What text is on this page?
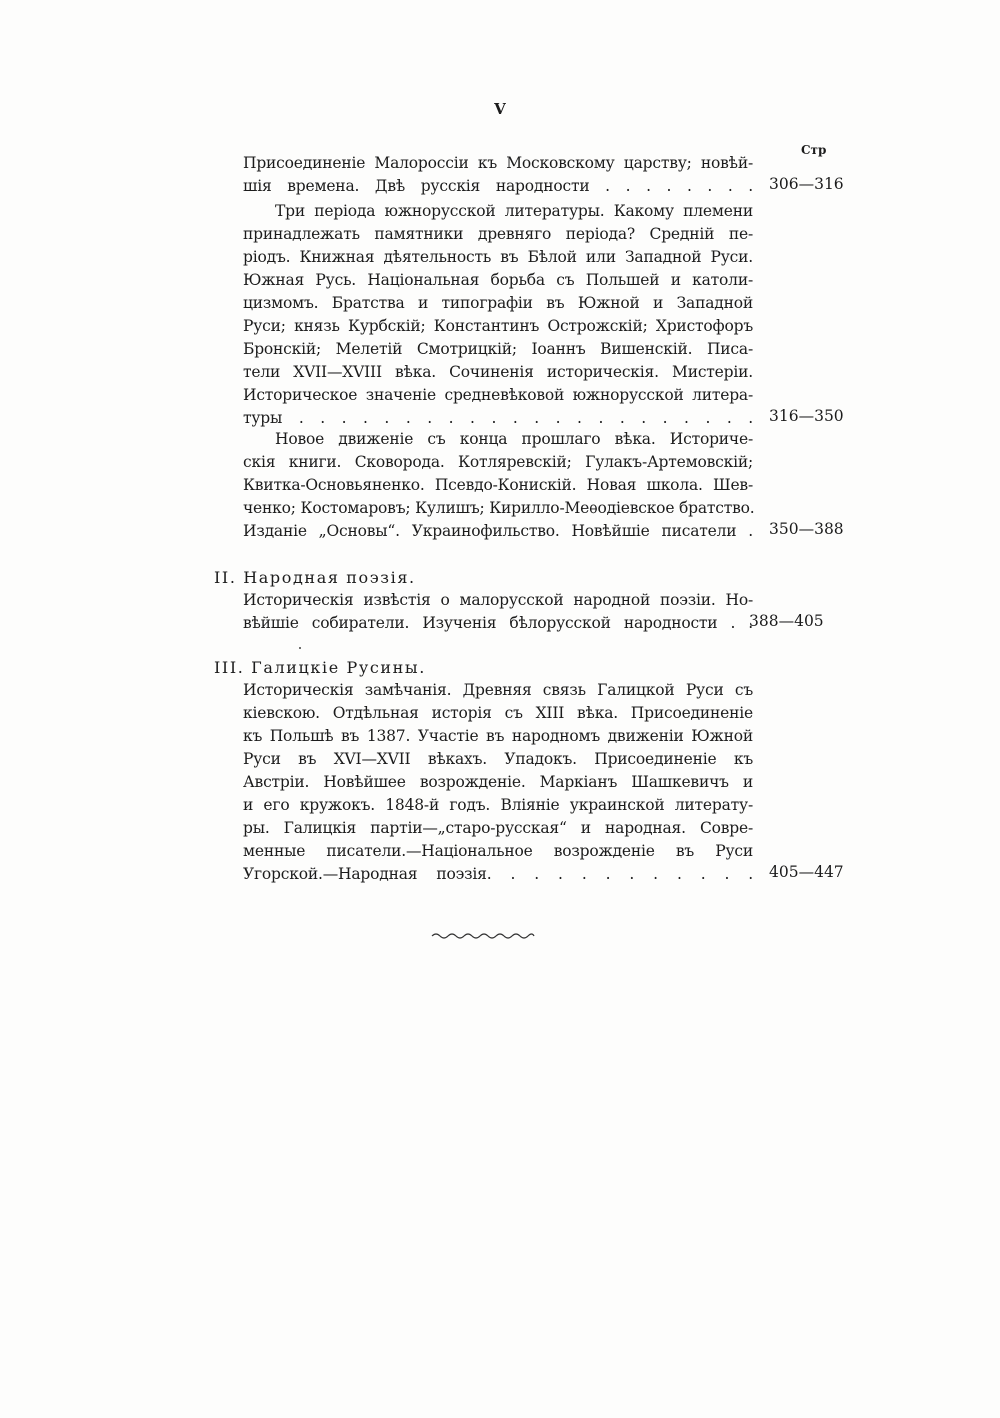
V
Стр
Присоединеніе Малороссіи къ Московскому царству; новѣй-
шія времена. Двѣ русскія народности . . . . . . . . 306—316
Три періода южнорусской литературы. Какому племени
принадлежать памятники древняго періода? Средній пе-
ріодъ. Книжная дѣятельность въ Бѣлой или Западной Руси.
Южная Русь. Національная борьба съ Польшей и католи-
цизмомъ. Братства и типографіи въ Южной и Западной
Руси; князь Курбскій; Константинъ Острожскій; Христофоръ
Бронскій; Мелетій Смотрицкій; Іоаннъ Вишенскій. Писа-
тели XVII—XVIII вѣка. Сочиненія историческія. Мистеріи.
Историческое значеніе средневѣковой южнорусской литера-
туры . . . . . . . . . . . . . . . . . . . . . . 316—350
Новое движеніе съ конца прошлаго вѣка. Историче-
скія книги. Сковорода. Котляревскій; Гулакъ-Артемовскій;
Квитка-Основьяненко. Псевдо-Конискій. Новая школа. Шев-
ченко; Костомаровъ; Кулишъ; Кирилло-Меѳодіевское братство.
Изданіе „Основы“. Украинофильство. Новѣйшіе писатели . 350—388
II. Народная поэзія.
Историческія извѣстія о малорусской народной поэзіи. Но-
вѣйшіе собиратели. Изученія бѣлорусской народности . .
388—405
III. Галицкіе Русины.
Историческія замѣчанія. Древняя связь Галицкой Руси съ
кіевскою. Отдѣльная исторія съ XIII вѣка. Присоединеніе
къ Польшѣ въ 1387. Участіе въ народномъ движеніи Южной
Руси въ XVI—XVII вѣкахъ. Упадокъ. Присоединеніе къ
Австріи. Новѣйшее возрожденіе. Маркіанъ Шашкевичъ и
и его кружокъ. 1848-й годъ. Вліяніе украинской литерату-
ры. Галицкія партіи—„старо-русская“ и народная. Совре-
менные писатели.—Національное возрожденіе въ Руси
Угорской.—Народная поэзія. . . . . . . . . . . . 405—447
